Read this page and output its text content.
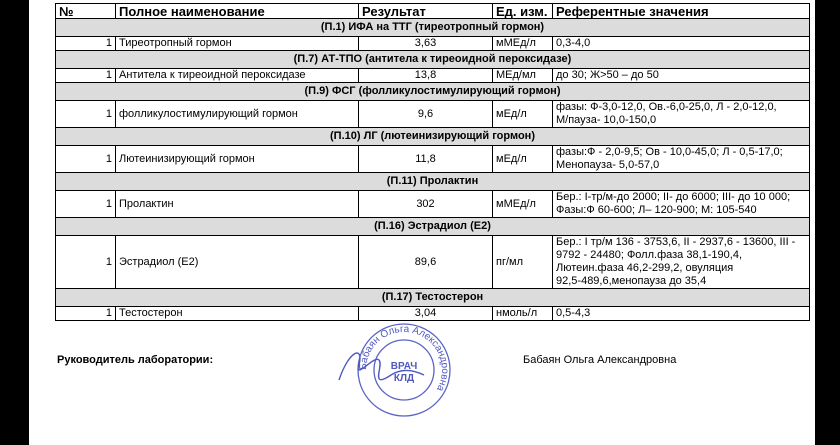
№	Полное наименование	Результат	Ед. изм.	Референтные значения
(П.1) ИФА на ТТГ (тиреотропный гормон)				
1	Тиреотропный гормон	3,63	мМЕд/л	0,3-4,0

(П.7) АТ-ТПО (антитела к тиреоидной пероксидазе)				
1	Антитела к тиреоидной пероксидазе	13,8	МЕд/мл	до 30; Ж>50 – до 50

(П.9) ФСГ (фолликулостимулирующий гормон)				
1	фолликулостимулирующий гормон	9,6	мЕд/л	фазы: Ф-3,0-12,0, Ов.-6,0-25,0, Л - 2,0-12,0,
М/пауза- 10,0-150,0

(П.10) ЛГ (лютеинизирующий гормон)				
1	Лютеинизирующий гормон	11,8	мЕд/л	фазы:Ф - 2,0-9,5; Ов - 10,0-45,0; Л - 0,5-17,0;
Менопауза- 5,0-57,0

(П.11) Пролактин				
1	Пролактин	302	мМЕд/л	Бер.: I-тр/м-до 2000; II- до 6000; III- до 10 000;
Фазы:Ф 60-600; Л– 120-900; М: 105-540

(П.16) Эстрадиол (Е2)				
1	Эстрадиол (Е2)	89,6	пг/мл	Бер.: I тр/м 136 - 3753,6, II - 2937,6 - 13600, III -
9792 - 24480; Фолл.фаза 38,1-190,4,
Лютеин.фаза 46,2-299,2, овуляция
92,5-489,6,менопауза до 35,4

(П.17) Тестостерон				
1	Тестостерон	3,04	нмоль/л	0,5-4,3
Руководитель лаборатории:	Бабаян Ольга Александровна
Бабаян Ольга Александровна
ВРАЧ
КЛД
